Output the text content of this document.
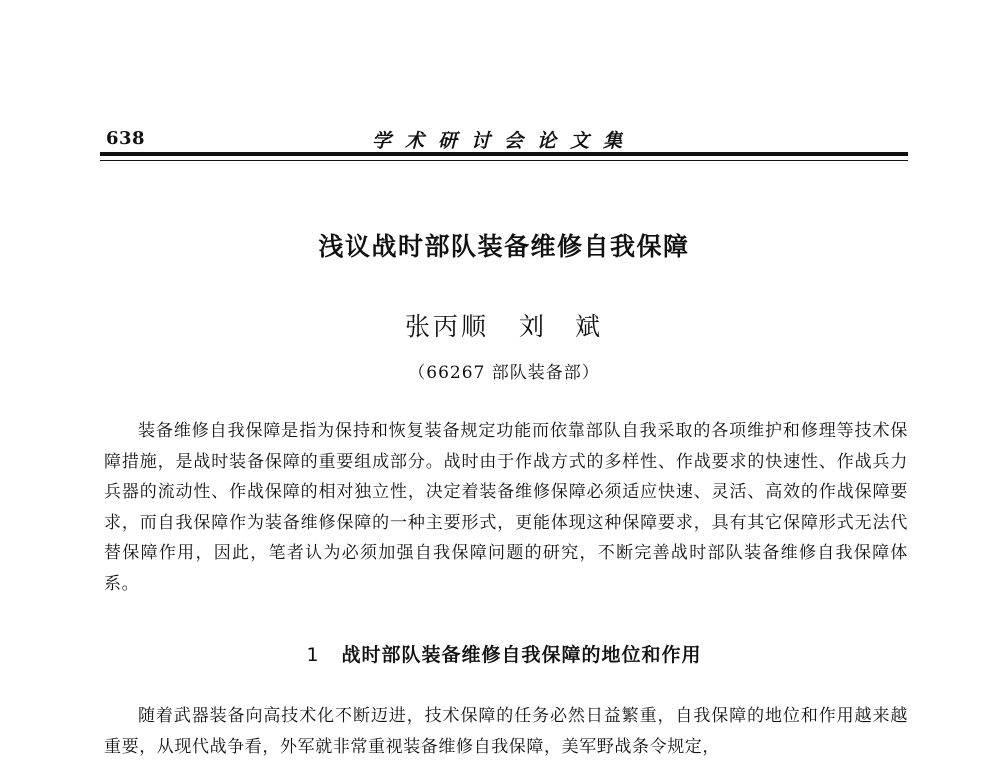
638	学术研讨会论文集
浅议战时部队装备维修自我保障
张丙顺 刘　斌
（66267 部队装备部）

装备维修自我保障是指为保持和恢复装备规定功能而依靠部队自我采取的各项维护和修理等技术保障措施，是战时装备保障的重要组成部分。战时由于作战方式的多样性、作战要求的快速性、作战兵力兵器的流动性、作战保障的相对独立性，决定着装备维修保障必须适应快速、灵活、高效的作战保障要求，而自我保障作为装备维修保障的一种主要形式，更能体现这种保障要求，具有其它保障形式无法代替保障作用，因此，笔者认为必须加强自我保障问题的研究，不断完善战时部队装备维修自我保障体系。

1 战时部队装备维修自我保障的地位和作用

随着武器装备向高技术化不断迈进，技术保障的任务必然日益繁重，自我保障的地位和作用越来越重要，从现代战争看，外军就非常重视装备维修自我保障，美军野战条令规定，
